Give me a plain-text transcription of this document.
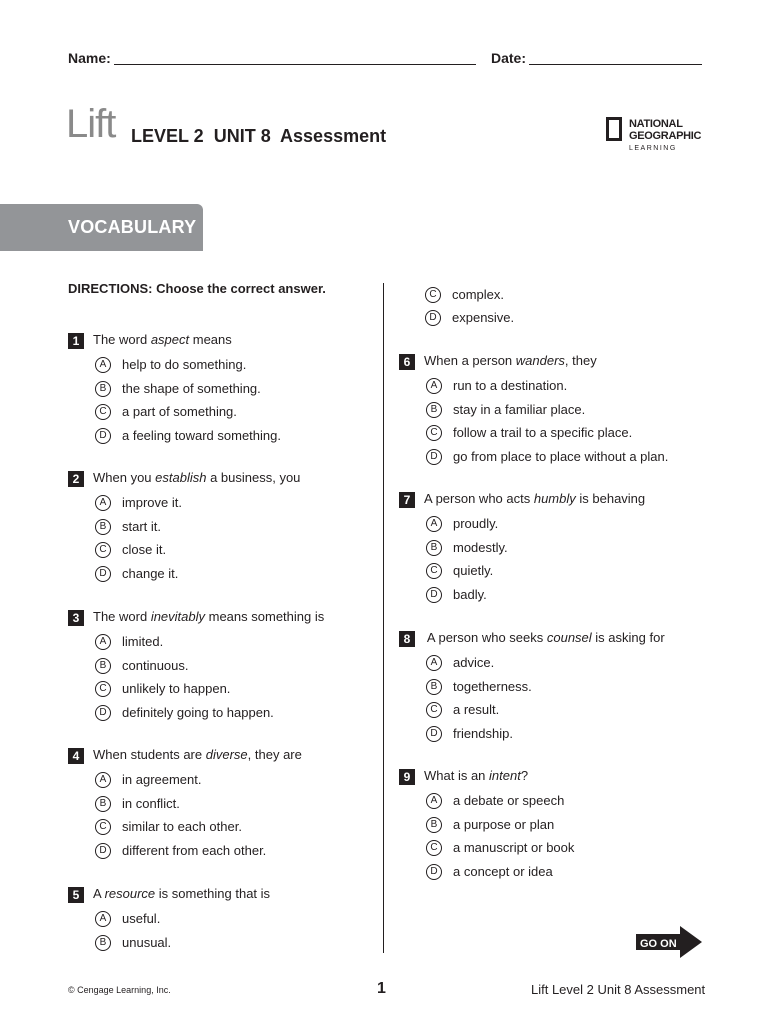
Name:	Date:
Lift LEVEL 2  UNIT 8  Assessment
NATIONAL
GEOGRAPHIC
LEARNING
VOCABULARY
DIRECTIONS: Choose the correct answer.
1	The word aspect means
A	help to do something.
B	the shape of something.
C	a part of something.
D	a feeling toward something.
2	When you establish a business, you
A	improve it.
B	start it.
C	close it.
D	change it.
3	The word inevitably means something is
A	limited.
B	continuous.
C	unlikely to happen.
D	definitely going to happen.
4	When students are diverse, they are
A	in agreement.
B	in conflict.
C	similar to each other.
D	different from each other.
5	A resource is something that is
A	useful.
B	unusual.
C	complex.
D	expensive.
6	When a person wanders, they
A	run to a destination.
B	stay in a familiar place.
C	follow a trail to a specific place.
D	go from place to place without a plan.
7	A person who acts humbly is behaving
A	proudly.
B	modestly.
C	quietly.
D	badly.
8	A person who seeks counsel is asking for
A	advice.
B	togetherness.
C	a result.
D	friendship.
9	What is an intent?
A	a debate or speech
B	a purpose or plan
C	a manuscript or book
D	a concept or idea
GO ON
© Cengage Learning, Inc.	1	Lift Level 2 Unit 8 Assessment
